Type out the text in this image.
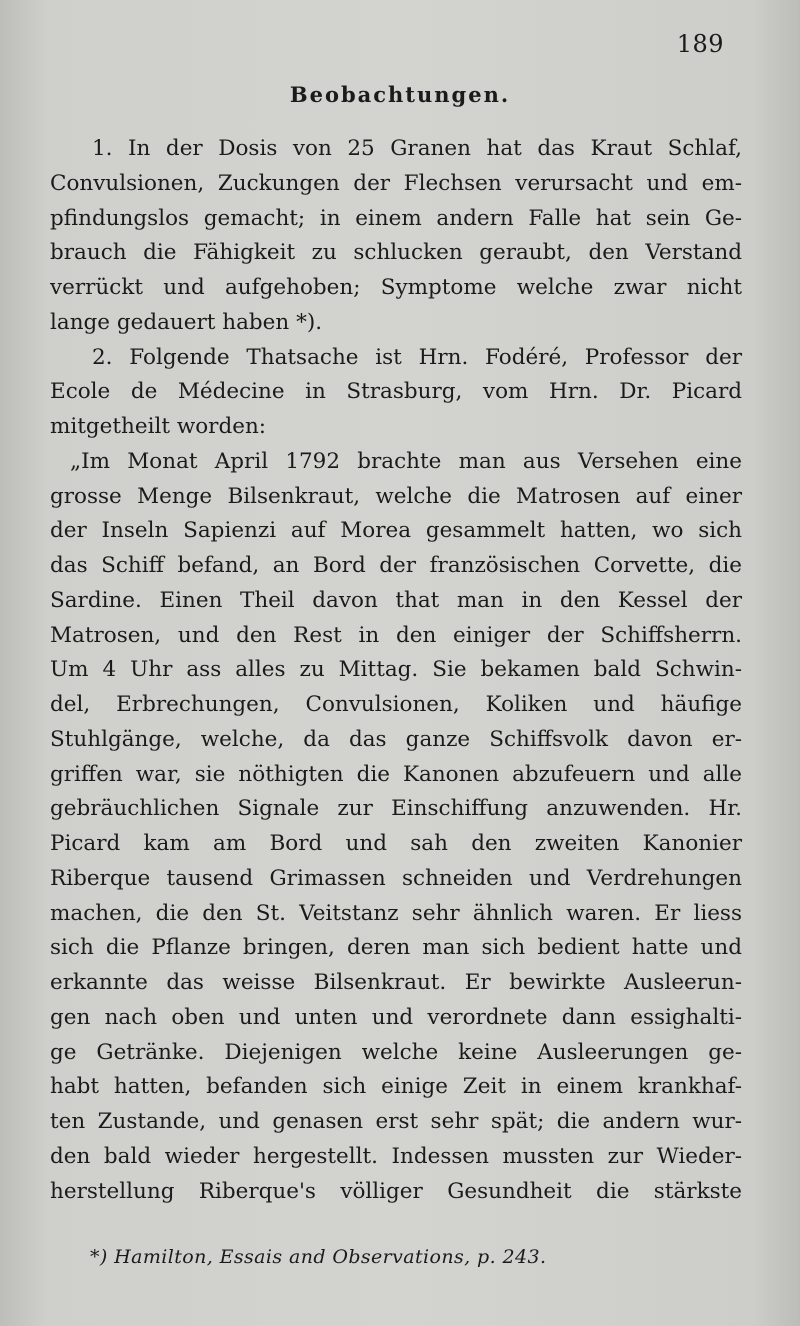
189
Beobachtungen.
1. In der Dosis von 25 Granen hat das Kraut Schlaf,
Convulsionen, Zuckungen der Flechsen verursacht und em-
pfindungslos gemacht; in einem andern Falle hat sein Ge-
brauch die Fähigkeit zu schlucken geraubt, den Verstand
verrückt und aufgehoben; Symptome welche zwar nicht
lange gedauert haben *).
2. Folgende Thatsache ist Hrn. Fodéré, Professor der
Ecole de Médecine in Strasburg, vom Hrn. Dr. Picard
mitgetheilt worden:
„Im Monat April 1792 brachte man aus Versehen eine
grosse Menge Bilsenkraut, welche die Matrosen auf einer
der Inseln Sapienzi auf Morea gesammelt hatten, wo sich
das Schiff befand, an Bord der französischen Corvette, die
Sardine. Einen Theil davon that man in den Kessel der
Matrosen, und den Rest in den einiger der Schiffsherrn.
Um 4 Uhr ass alles zu Mittag. Sie bekamen bald Schwin-
del, Erbrechungen, Convulsionen, Koliken und häufige
Stuhlgänge, welche, da das ganze Schiffsvolk davon er-
griffen war, sie nöthigten die Kanonen abzufeuern und alle
gebräuchlichen Signale zur Einschiffung anzuwenden. Hr.
Picard kam am Bord und sah den zweiten Kanonier
Riberque tausend Grimassen schneiden und Verdrehungen
machen, die den St. Veitstanz sehr ähnlich waren. Er liess
sich die Pflanze bringen, deren man sich bedient hatte und
erkannte das weisse Bilsenkraut. Er bewirkte Ausleerun-
gen nach oben und unten und verordnete dann essighalti-
ge Getränke. Diejenigen welche keine Ausleerungen ge-
habt hatten, befanden sich einige Zeit in einem krankhaf-
ten Zustande, und genasen erst sehr spät; die andern wur-
den bald wieder hergestellt. Indessen mussten zur Wieder-
herstellung Riberque's völliger Gesundheit die stärkste
*) Hamilton, Essais and Observations, p. 243.
